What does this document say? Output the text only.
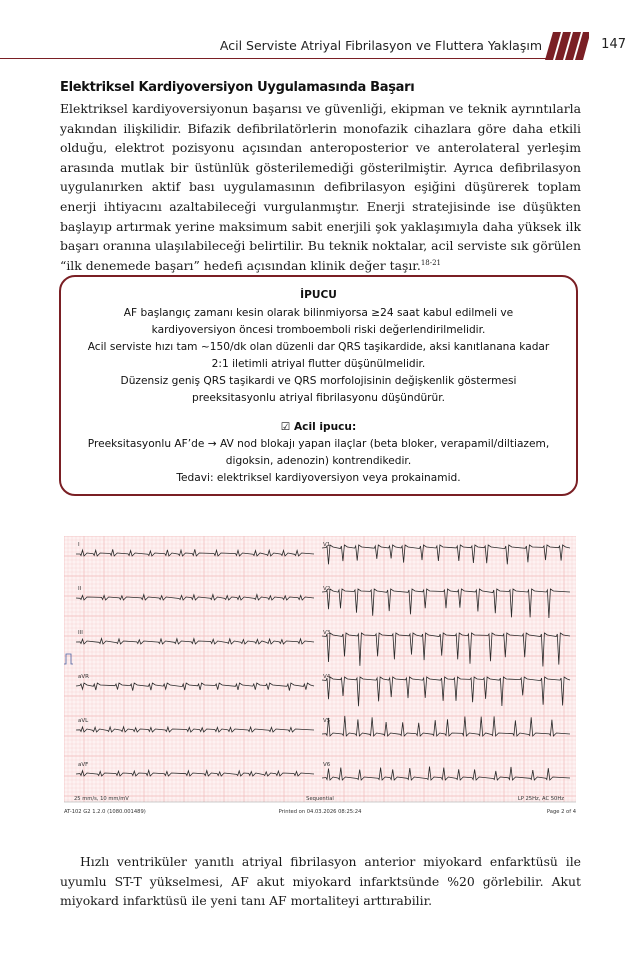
Acil Serviste Atriyal Fibrilasyon ve Fluttera Yaklaşım	147
Elektriksel Kardiyoversiyon Uygulamasında Başarı
Elektriksel kardiyoversiyonun başarısı ve güvenliği, ekipman ve teknik ayrıntılarla yakından ilişkilidir. Bifazik defibrilatörlerin monofazik cihazlara göre daha etkili olduğu, elektrot pozisyonu açısından anteroposterior ve anterolateral yerleşim arasında mutlak bir üstünlük gösterilemediği gösterilmiştir. Ayrıca defibrilasyon uygulanırken aktif bası uygulamasının defibrilasyon eşiğini düşürerek toplam enerji ihtiyacını azaltabileceği vurgulanmıştır. Enerji stratejisinde ise düşükten başlayıp artırmak yerine maksimum sabit enerjili şok yaklaşımıyla daha yüksek ilk başarı oranına ulaşılabileceği belirtilir. Bu teknik noktalar, acil serviste sık görülen “ilk denemede başarı” hedefi açısından klinik değer taşır.$^{18-21}$
İPUCU
AF başlangıç zamanı kesin olarak bilinmiyorsa ≥24 saat kabul edilmeli ve kardiyoversiyon öncesi tromboemboli riski değerlendirilmelidir.
Acil serviste hızı tam ~150/dk olan düzenli dar QRS taşikardide, aksi kanıtlanana kadar 2:1 iletimli atriyal flutter düşünülmelidir.
Düzensiz geniş QRS taşikardi ve QRS morfolojisinin değişkenlik göstermesi preeksitasyonlu atriyal fibrilasyonu düşündürür.
☑ Acil ipucu:
Preeksitasyonlu AF’de → AV nod blokajı yapan ilaçlar (beta bloker, verapamil/diltiazem, digoksin, adenozin) kontrendikedir.
Tedavi: elektriksel kardiyoversiyon veya prokainamid.
I	V1
II	V2
III	V3
aVR	V4
aVL	V5
aVF	V6
25 mm/s, 10 mm/mV	Sequential	LP 25Hz, AC 50Hz
AT-102 G2 1.2.0 (1080.001489)	Printed on 04.03.2026 08:25:24	Page 2 of 4
Hızlı ventriküler yanıtlı atriyal fibrilasyon anterior miyokard enfarktüsü ile uyumlu ST-T yükselmesi, AF akut miyokard infarktsünde %20 görlebilir. Akut miyokard infarktüsü ile yeni tanı AF mortaliteyi arttırabilir.
